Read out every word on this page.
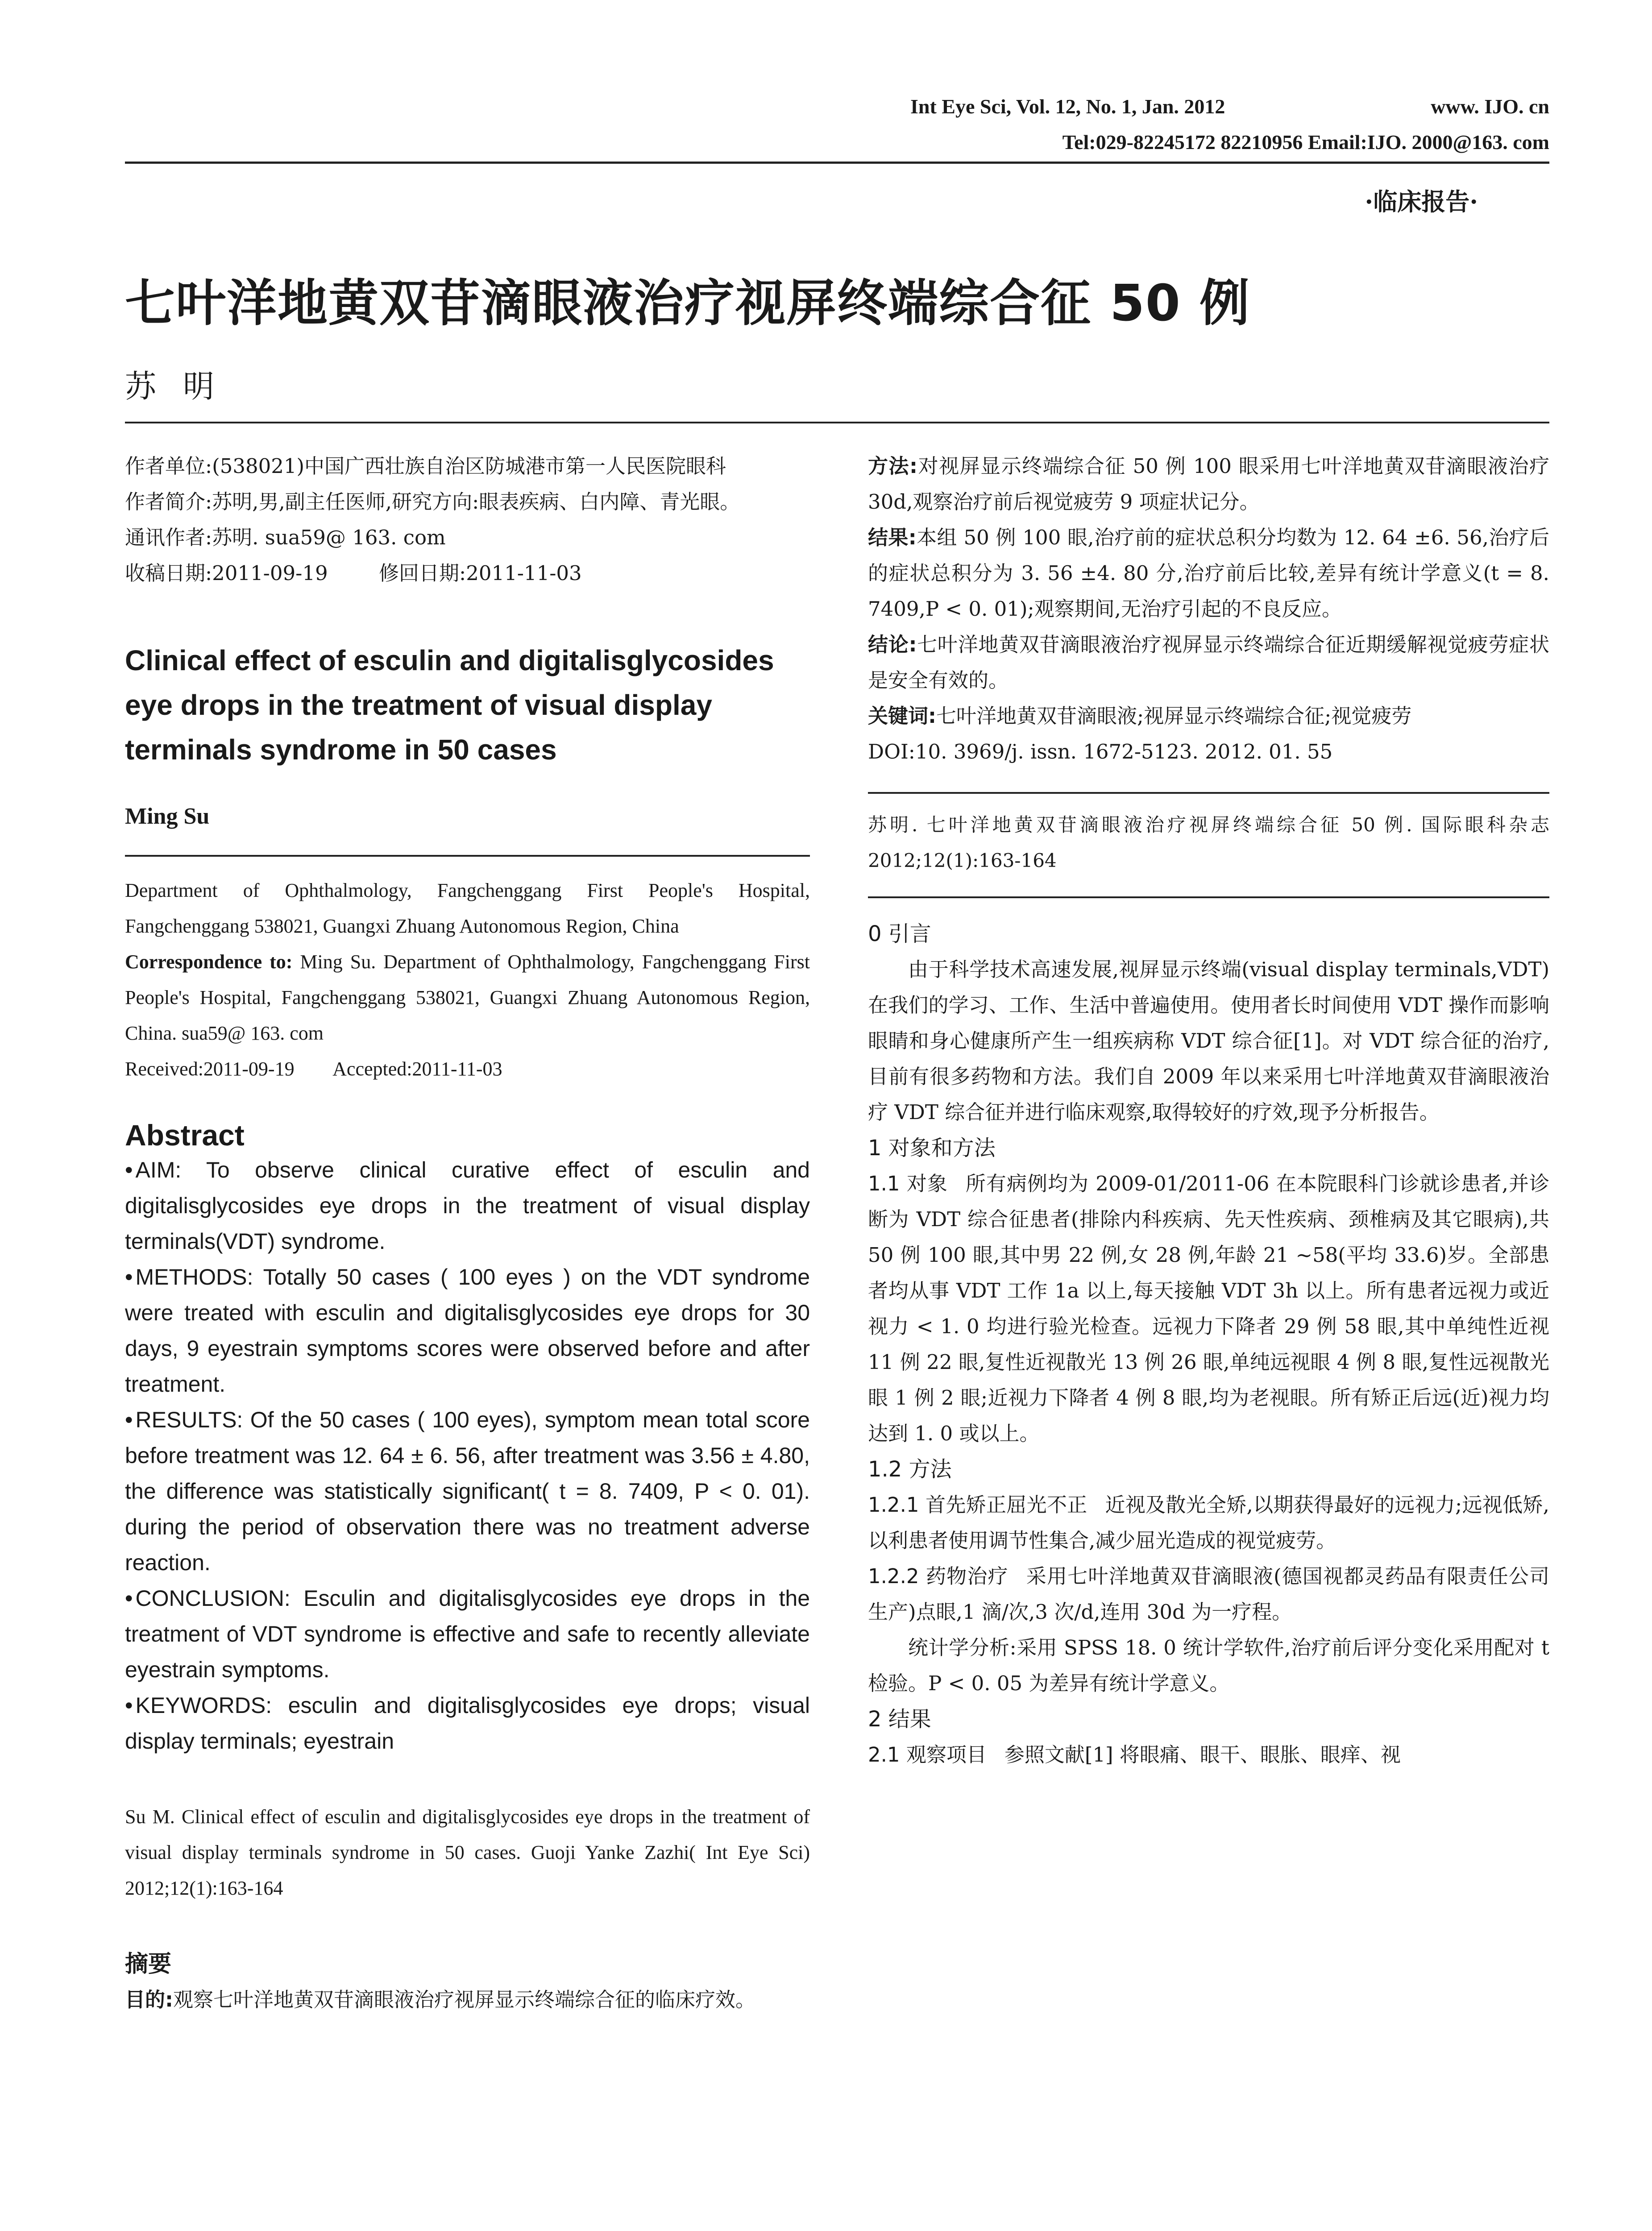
Int Eye Sci, Vol. 12, No. 1, Jan. 2012	www. IJO. cn
Tel:029-82245172 82210956 Email:IJO. 2000@163. com
·临床报告·
七叶洋地黄双苷滴眼液治疗视屏终端综合征 50 例
苏明

作者单位:(538021)中国广西壮族自治区防城港市第一人民医院眼科

作者简介:苏明,男,副主任医师,研究方向:眼表疾病、白内障、青光眼。

通讯作者:苏明. sua59@ 163. com

收稿日期:2011-09-19        修回日期:2011-11-03

Clinical effect of esculin and digitalisglycosides eye drops in the treatment of visual display terminals syndrome in 50 cases

Ming Su

Department of Ophthalmology, Fangchenggang First People's Hospital, Fangchenggang 538021, Guangxi Zhuang Autonomous Region, China

Correspondence to: Ming Su. Department of Ophthalmology, Fangchenggang First People's Hospital, Fangchenggang 538021, Guangxi Zhuang Autonomous Region, China. sua59@ 163. com

Received:2011-09-19        Accepted:2011-11-03

Abstract

• AIM: To observe clinical curative effect of esculin and digitalisglycosides eye drops in the treatment of visual display terminals(VDT) syndrome.

• METHODS: Totally 50 cases ( 100 eyes ) on the VDT syndrome were treated with esculin and digitalisglycosides eye drops for 30 days, 9 eyestrain symptoms scores were observed before and after treatment.

• RESULTS: Of the 50 cases ( 100 eyes), symptom mean total score before treatment was 12. 64 ± 6. 56, after treatment was 3.56 ± 4.80, the difference was statistically significant( t = 8. 7409, P < 0. 01). during the period of observation there was no treatment adverse reaction.

• CONCLUSION: Esculin and digitalisglycosides eye drops in the treatment of VDT syndrome is effective and safe to recently alleviate eyestrain symptoms.

• KEYWORDS: esculin and digitalisglycosides eye drops; visual display terminals; eyestrain

Su M. Clinical effect of esculin and digitalisglycosides eye drops in the treatment of visual display terminals syndrome in 50 cases. Guoji Yanke Zazhi( Int Eye Sci) 2012;12(1):163-164

摘要

目的:观察七叶洋地黄双苷滴眼液治疗视屏显示终端综合征的临床疗效。

方法:对视屏显示终端综合征 50 例 100 眼采用七叶洋地黄双苷滴眼液治疗 30d,观察治疗前后视觉疲劳 9 项症状记分。

结果:本组 50 例 100 眼,治疗前的症状总积分均数为 12. 64 ±6. 56,治疗后的症状总积分为 3. 56 ±4. 80 分,治疗前后比较,差异有统计学意义(t = 8. 7409,P < 0. 01);观察期间,无治疗引起的不良反应。

结论:七叶洋地黄双苷滴眼液治疗视屏显示终端综合征近期缓解视觉疲劳症状是安全有效的。

关键词:七叶洋地黄双苷滴眼液;视屏显示终端综合征;视觉疲劳

DOI:10. 3969/j. issn. 1672-5123. 2012. 01. 55

苏明. 七叶洋地黄双苷滴眼液治疗视屏终端综合征 50 例. 国际眼科杂志 2012;12(1):163-164

0 引言

由于科学技术高速发展,视屏显示终端(visual display terminals,VDT)在我们的学习、工作、生活中普遍使用。使用者长时间使用 VDT 操作而影响眼睛和身心健康所产生一组疾病称 VDT 综合征[1]。对 VDT 综合征的治疗,目前有很多药物和方法。我们自 2009 年以来采用七叶洋地黄双苷滴眼液治疗 VDT 综合征并进行临床观察,取得较好的疗效,现予分析报告。

1 对象和方法

1.1 对象 所有病例均为 2009-01/2011-06 在本院眼科门诊就诊患者,并诊断为 VDT 综合征患者(排除内科疾病、先天性疾病、颈椎病及其它眼病),共 50 例 100 眼,其中男 22 例,女 28 例,年龄 21 ~58(平均 33.6)岁。全部患者均从事 VDT 工作 1a 以上,每天接触 VDT 3h 以上。所有患者远视力或近视力 < 1. 0 均进行验光检查。远视力下降者 29 例 58 眼,其中单纯性近视 11 例 22 眼,复性近视散光 13 例 26 眼,单纯远视眼 4 例 8 眼,复性远视散光眼 1 例 2 眼;近视力下降者 4 例 8 眼,均为老视眼。所有矫正后远(近)视力均达到 1. 0 或以上。

1.2 方法

1.2.1 首先矫正屈光不正 近视及散光全矫,以期获得最好的远视力;远视低矫,以利患者使用调节性集合,减少屈光造成的视觉疲劳。

1.2.2 药物治疗 采用七叶洋地黄双苷滴眼液(德国视都灵药品有限责任公司生产)点眼,1 滴/次,3 次/d,连用 30d 为一疗程。

统计学分析:采用 SPSS 18. 0 统计学软件,治疗前后评分变化采用配对 t 检验。P < 0. 05 为差异有统计学意义。

2 结果

2.1 观察项目 参照文献[1] 将眼痛、眼干、眼胀、眼痒、视
